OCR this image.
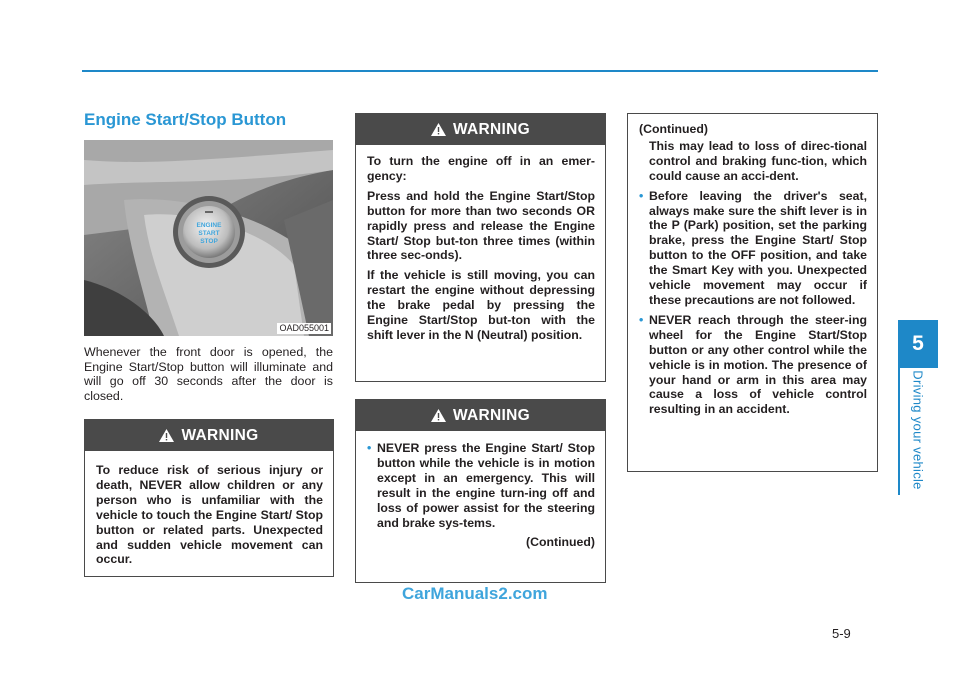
Engine Start/Stop Button
ENGINE
START
STOP
OAD055001
Whenever the front door is opened, the Engine Start/Stop button will illuminate and will go off 30 seconds after the door is closed.
WARNING

To reduce risk of serious injury or death, NEVER allow children or any person who is unfamiliar with the vehicle to touch the Engine Start/ Stop button or related parts. Unexpected and sudden vehicle movement can occur.

WARNING

To turn the engine off in an emer-gency:

Press and hold the Engine Start/Stop button for more than two seconds OR rapidly press and release the Engine Start/ Stop but-ton three times (within three sec-onds).

If the vehicle is still moving, you can restart the engine without depressing the brake pedal by pressing the Engine Start/Stop but-ton with the shift lever in the N (Neutral) position.

WARNING
• NEVER press the Engine Start/ Stop button while the vehicle is in motion except in an emergency. This will result in the engine turn-ing off and loss of power assist for the steering and brake sys-tems.
(Continued)
(Continued)
This may lead to loss of direc-tional control and braking func-tion, which could cause an acci-dent.
• Before leaving the driver's seat, always make sure the shift lever is in the P (Park) position, set the parking brake, press the Engine Start/ Stop button to the OFF position, and take the Smart Key with you. Unexpected vehicle movement may occur if these precautions are not followed.
• NEVER reach through the steer-ing wheel for the Engine Start/Stop button or any other control while the vehicle is in motion. The presence of your hand or arm in this area may cause a loss of vehicle control resulting in an accident.
5
Driving your vehicle
CarManuals2.com
5-9
